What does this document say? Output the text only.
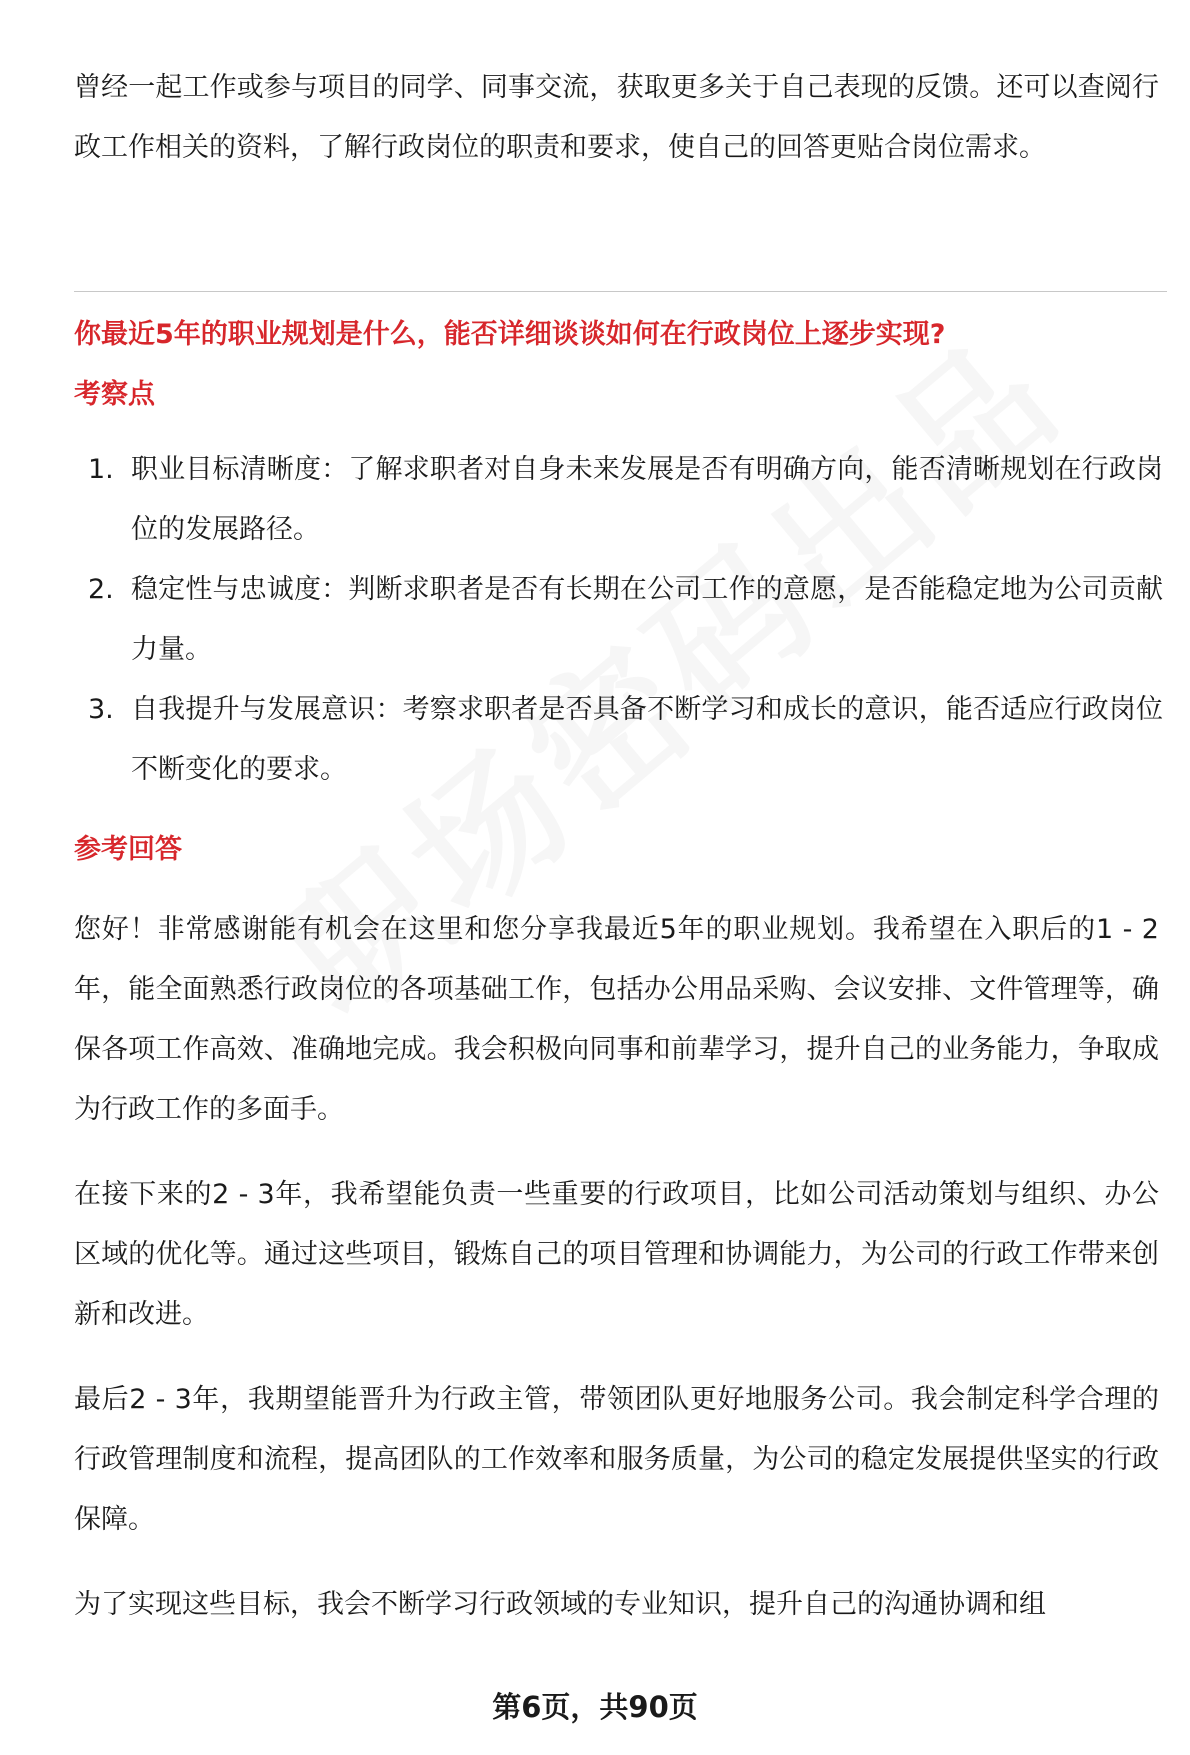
曾经一起工作或参与项目的同学、同事交流，获取更多关于自己表现的反馈。还可以查阅行政工作相关的资料，了解行政岗位的职责和要求，使自己的回答更贴合岗位需求。

你最近5年的职业规划是什么，能否详细谈谈如何在行政岗位上逐步实现?

考察点

1. 职业目标清晰度：了解求职者对自身未来发展是否有明确方向，能否清晰规划在行政岗位的发展路径。
2. 稳定性与忠诚度：判断求职者是否有长期在公司工作的意愿，是否能稳定地为公司贡献力量。
3. 自我提升与发展意识：考察求职者是否具备不断学习和成长的意识，能否适应行政岗位不断变化的要求。

参考回答

您好！非常感谢能有机会在这里和您分享我最近5年的职业规划。我希望在入职后的1 - 2年，能全面熟悉行政岗位的各项基础工作，包括办公用品采购、会议安排、文件管理等，确保各项工作高效、准确地完成。我会积极向同事和前辈学习，提升自己的业务能力，争取成为行政工作的多面手。

在接下来的2 - 3年，我希望能负责一些重要的行政项目，比如公司活动策划与组织、办公区域的优化等。通过这些项目，锻炼自己的项目管理和协调能力，为公司的行政工作带来创新和改进。

最后2 - 3年，我期望能晋升为行政主管，带领团队更好地服务公司。我会制定科学合理的行政管理制度和流程，提高团队的工作效率和服务质量，为公司的稳定发展提供坚实的行政保障。

为了实现这些目标，我会不断学习行政领域的专业知识，提升自己的沟通协调和组

第6页，共90页
